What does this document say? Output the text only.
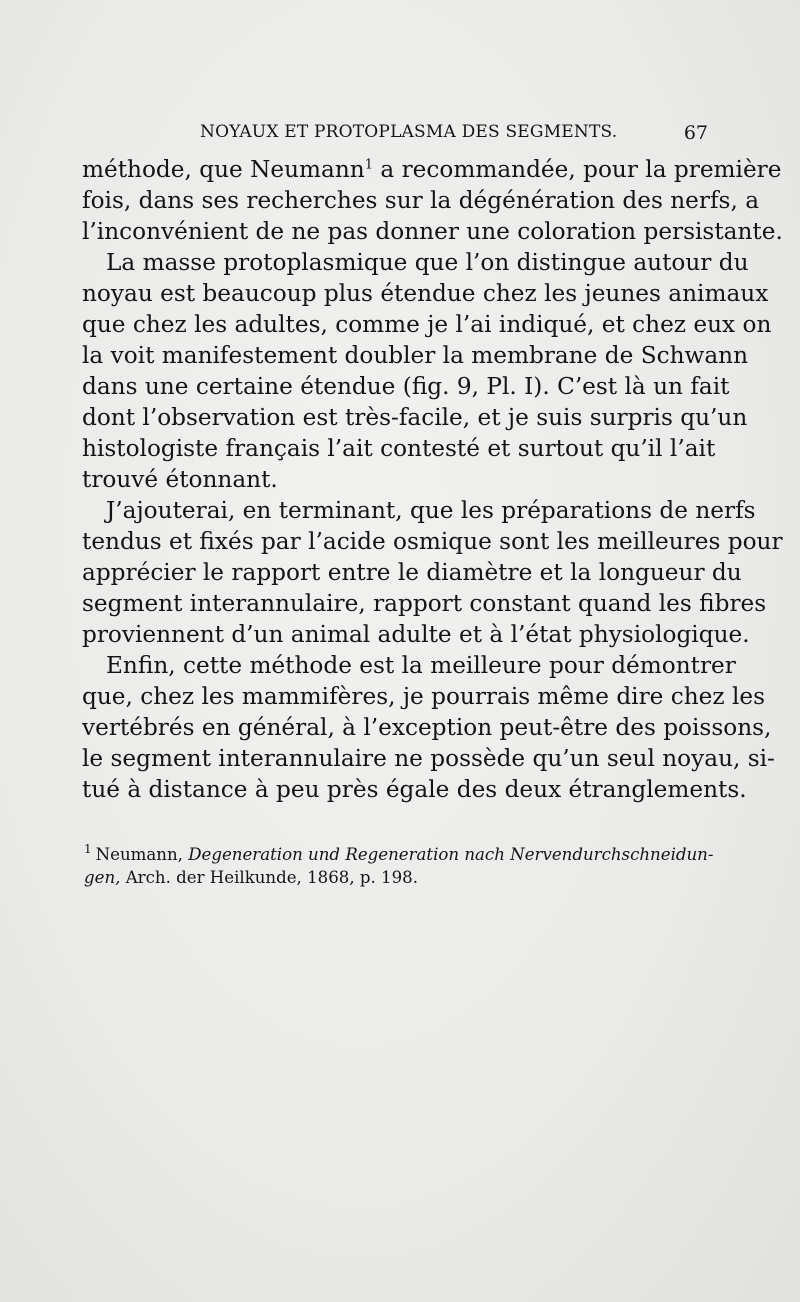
NOYAUX ET PROTOPLASMA DES SEGMENTS.	67

méthode, que Neumann$^1$ a recommandée, pour la première
fois, dans ses recherches sur la dégénération des nerfs, a
l’inconvénient de ne pas donner une coloration persistante.

La masse protoplasmique que l’on distingue autour du
noyau est beaucoup plus étendue chez les jeunes animaux
que chez les adultes, comme je l’ai indiqué, et chez eux on
la voit manifestement doubler la membrane de Schwann
dans une certaine étendue (fig. 9, Pl. I). C’est là un fait
dont l’observation est très-facile, et je suis surpris qu’un
histologiste français l’ait contesté et surtout qu’il l’ait
trouvé étonnant.

J’ajouterai, en terminant, que les préparations de nerfs
tendus et fixés par l’acide osmique sont les meilleures pour
apprécier le rapport entre le diamètre et la longueur du
segment interannulaire, rapport constant quand les fibres
proviennent d’un animal adulte et à l’état physiologique.

Enfin, cette méthode est la meilleure pour démontrer
que, chez les mammifères, je pourrais même dire chez les
vertébrés en général, à l’exception peut-être des poissons,
le segment interannulaire ne possède qu’un seul noyau, si-
tué à distance à peu près égale des deux étranglements.

$^1$ Neumann, Degeneration und Regeneration nach Nervendurchschneidun-
gen, Arch. der Heilkunde, 1868, p. 198.
